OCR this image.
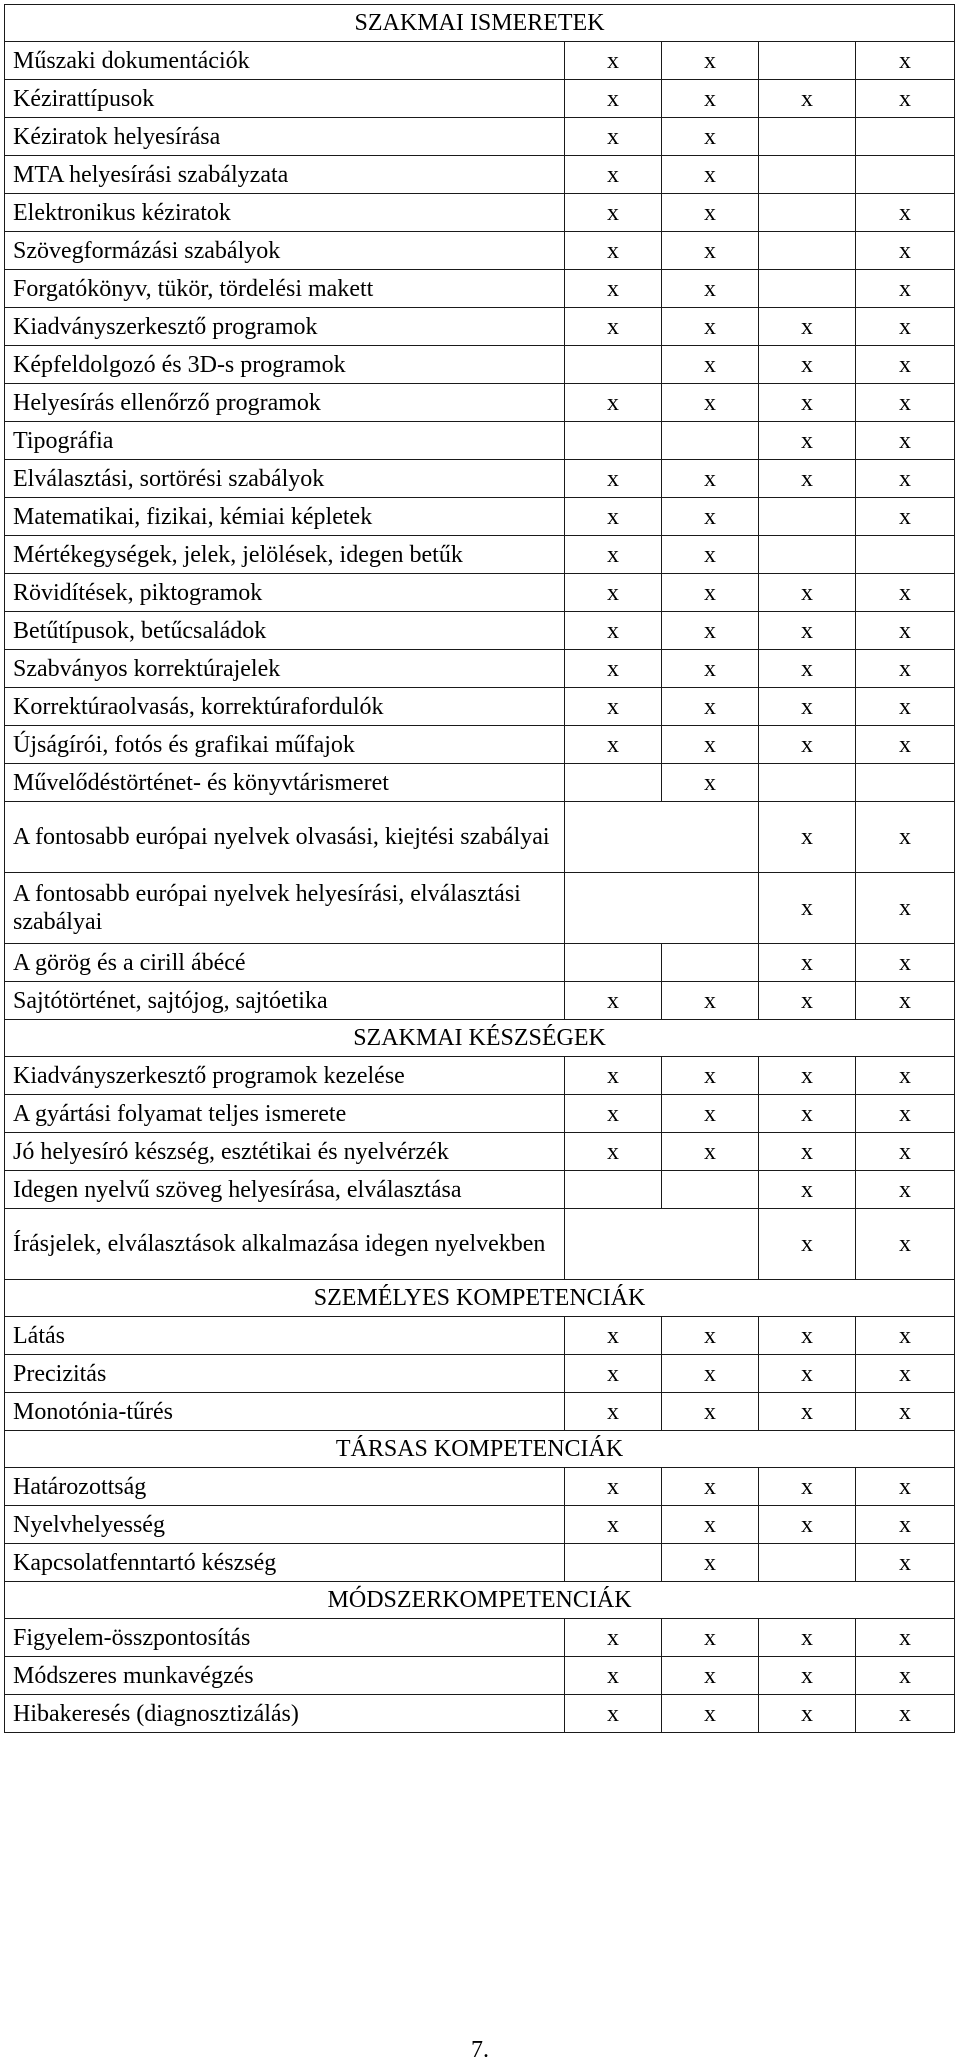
SZAKMAI ISMERETEK				
Műszaki dokumentációk	x	x		x
Kézirattípusok	x	x	x	x
Kéziratok helyesírása	x	x		
MTA helyesírási szabályzata	x	x		
Elektronikus kéziratok	x	x		x
Szövegformázási szabályok	x	x		x
Forgatókönyv, tükör, tördelési makett	x	x		x
Kiadványszerkesztő programok	x	x	x	x
Képfeldolgozó és 3D-s programok		x	x	x
Helyesírás ellenőrző programok	x	x	x	x
Tipográfia			x	x
Elválasztási, sortörési szabályok	x	x	x	x
Matematikai, fizikai, kémiai képletek	x	x		x
Mértékegységek, jelek, jelölések, idegen betűk	x	x		
Rövidítések, piktogramok	x	x	x	x
Betűtípusok, betűcsaládok	x	x	x	x
Szabványos korrektúrajelek	x	x	x	x
Korrektúraolvasás, korrektúrafordulók	x	x	x	x
Újságírói, fotós és grafikai műfajok	x	x	x	x
Művelődéstörténet- és könyvtárismeret		x		
A fontosabb európai nyelvek olvasási, kiejtési szabályai			x	x
A fontosabb európai nyelvek helyesírási, elválasztási szabályai			x	x
A görög és a cirill ábécé			x	x
Sajtótörténet, sajtójog, sajtóetika	x	x	x	x
SZAKMAI KÉSZSÉGEK				
Kiadványszerkesztő programok kezelése	x	x	x	x
A gyártási folyamat teljes ismerete	x	x	x	x
Jó helyesíró készség, esztétikai és nyelvérzék	x	x	x	x
Idegen nyelvű szöveg helyesírása, elválasztása			x	x
Írásjelek, elválasztások alkalmazása idegen nyelvekben			x	x
SZEMÉLYES KOMPETENCIÁK				
Látás	x	x	x	x
Precizitás	x	x	x	x
Monotónia-tűrés	x	x	x	x
TÁRSAS KOMPETENCIÁK				
Határozottság	x	x	x	x
Nyelvhelyesség	x	x	x	x
Kapcsolatfenntartó készség		x		x
MÓDSZERKOMPETENCIÁK				
Figyelem-összpontosítás	x	x	x	x
Módszeres munkavégzés	x	x	x	x
Hibakeresés (diagnosztizálás)	x	x	x	x
7.
